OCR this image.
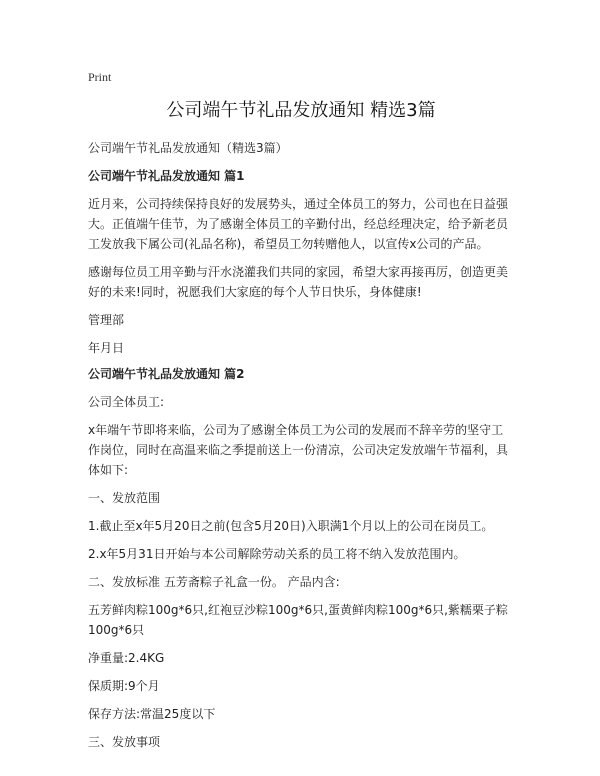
Print
公司端午节礼品发放通知 精选3篇

公司端午节礼品发放通知（精选3篇）

公司端午节礼品发放通知 篇1

近月来，公司持续保持良好的发展势头，通过全体员工的努力，公司也在日益强大。正值端午佳节，为了感谢全体员工的辛勤付出，经总经理决定，给予新老员工发放我下属公司(礼品名称)，希望员工勿转赠他人，以宣传x公司的产品。

感谢每位员工用辛勤与汗水浇灌我们共同的家园，希望大家再接再厉，创造更美好的未来!同时，祝愿我们大家庭的每个人节日快乐，身体健康!

管理部

年月日

公司端午节礼品发放通知 篇2

公司全体员工:

x年端午节即将来临，公司为了感谢全体员工为公司的发展而不辞辛劳的坚守工作岗位，同时在高温来临之季提前送上一份清凉，公司决定发放端午节福利，具体如下:

一、发放范围

1.截止至x年5月20日之前(包含5月20日)入职满1个月以上的公司在岗员工。

2.x年5月31日开始与本公司解除劳动关系的员工将不纳入发放范围内。

二、发放标准 五芳斋粽子礼盒一份。 产品内含:

五芳鲜肉粽100g*6只,红袍豆沙粽100g*6只,蛋黄鲜肉粽100g*6只,紫糯栗子粽100g*6只

净重量:2.4KG

保质期:9个月

保存方法:常温25度以下

三、发放事项
